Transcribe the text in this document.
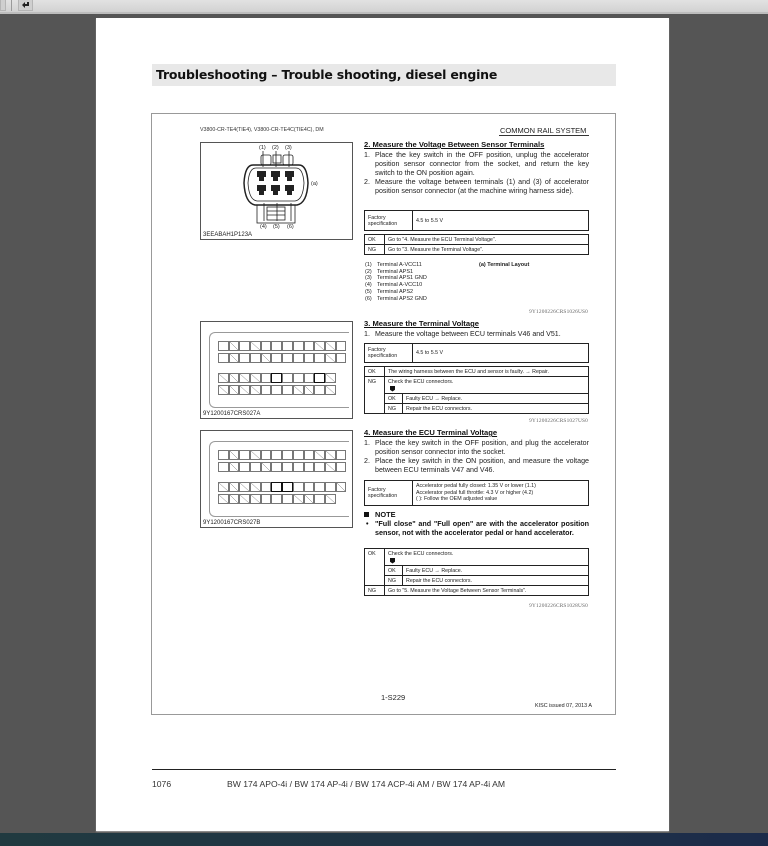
Troubleshooting – Trouble shooting, diesel engine
V3800-CR-TE4(TIE4), V3800-CR-TE4C(TIE4C), DM	COMMON RAIL SYSTEM
(1) (2) (3)
(4) (5) (6)
(a)
3EEABAH1P123A
9Y1200167CRS027A
9Y1200167CRS027B
2. Measure the Voltage Between Sensor Terminals
1. Place the key switch in the OFF position, unplug the accelerator position sensor connector from the socket, and return the key switch to the ON position again.
2. Measure the voltage between terminals (1) and (3) of accelerator position sensor connector (at the machine wiring harness side).
Factory specification	4.5 to 5.5 V
OK	Go to "4. Measure the ECU Terminal Voltage".
NG	Go to "3. Measure the Terminal Voltage".
(1) Terminal A-VCC11
(2) Terminal APS1
(3) Terminal APS1 GND
(4) Terminal A-VCC10
(5) Terminal APS2
(6) Terminal APS2 GND
(a) Terminal Layout
9Y1200226CRS1026US0
3. Measure the Terminal Voltage
1. Measure the voltage between ECU terminals V46 and V51.
Factory specification	4.5 to 5.5 V
OK	The wiring harness between the ECU and sensor is faulty. → Repair.	
NG	Check the ECU connectors.	

	OK	Faulty ECU → Replace.
	NG	Repair the ECU connectors.
9Y1200226CRS1027US0
4. Measure the ECU Terminal Voltage
1. Place the key switch in the OFF position, and plug the accelerator position sensor connector into the socket.
2. Place the key switch in the ON position, and measure the voltage between ECU terminals V47 and V46.
Factory specification	
Accelerator pedal fully closed: 1.35 V or lower (1.1)
Accelerator pedal full throttle: 4.3 V or higher (4.2)
( ): Follow the OEM adjusted value
NOTE
• "Full close" and "Full open" are with the accelerator position sensor, not with the accelerator pedal or hand accelerator.
OK	Check the ECU connectors.	

	OK	Faulty ECU → Replace.
	NG	Repair the ECU connectors.
NG	Go to "5. Measure the Voltage Between Sensor Terminals".	
9Y1200226CRS1028US0
1-S229
KISC issued 07, 2013 A
1076	BW 174 APO-4i / BW 174 AP-4i / BW 174 ACP-4i AM / BW 174 AP-4i AM
